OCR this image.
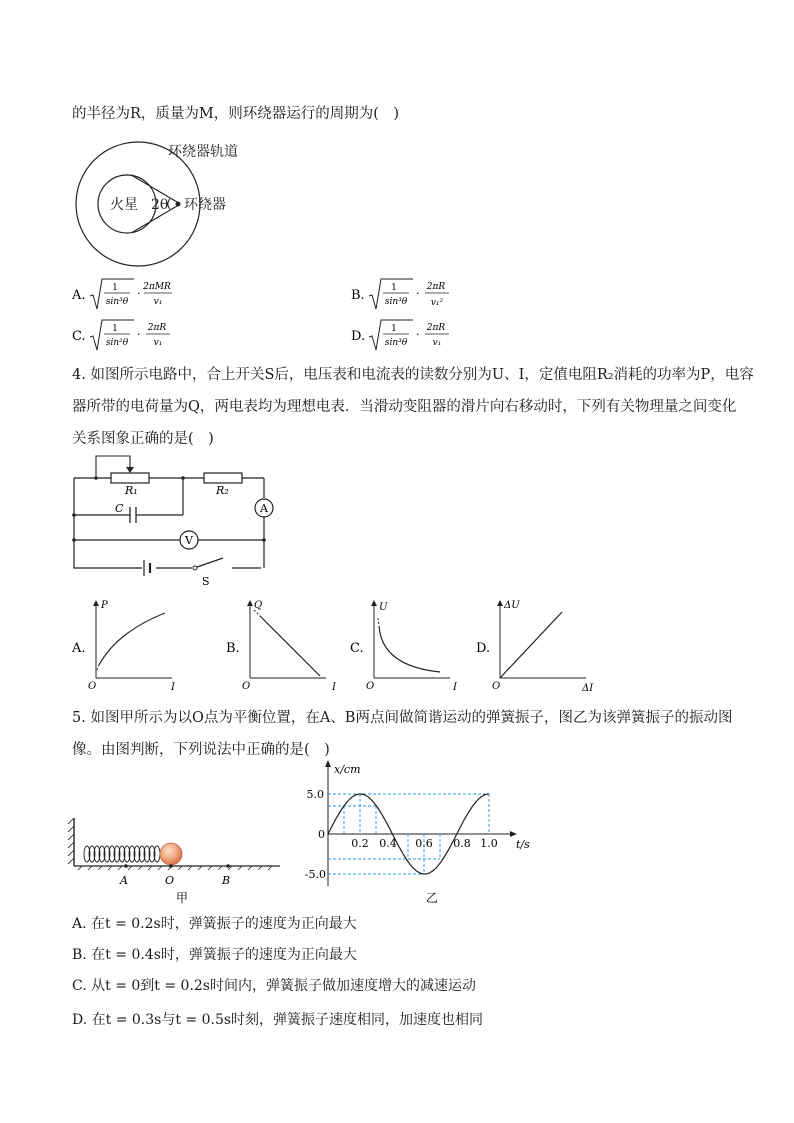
的半径为R，质量为M，则环绕器运行的周期为(　)
环绕器轨道
火星 2θ 环绕器
A.	1
sin³θ
· 2πMR
v₁	B.	1
sin³θ
· 2πR
v₁²
C.	1
sin²θ
· 2πR
v₁	D.	1
sin³θ
· 2πR
v₁
4. 如图所示电路中，合上开关S后，电压表和电流表的读数分别为U、I，定值电阻R₂消耗的功率为P，电容
器所带的电荷量为Q，两电表均为理想电表．当滑动变阻器的滑片向右移动时，下列有关物理量之间变化
关系图象正确的是(　)
R₁	R₂
C	A
V
S
A.
P
I
O
B.
Q
I
O
C.
U
I
O
D.
ΔU
ΔI
O
5. 如图甲所示为以O点为平衡位置，在A、B两点间做简谐运动的弹簧振子，图乙为该弹簧振子的振动图
像。由图判断，下列说法中正确的是(　)
A	O	B
甲
x/cm
t/s
0
5.0
-5.0
0.2 0.4 0.6 0.8 1.0
乙
A. 在t = 0.2s时，弹簧振子的速度为正向最大
B. 在t = 0.4s时，弹簧振子的速度为正向最大
C. 从t = 0到t = 0.2s时间内，弹簧振子做加速度增大的减速运动
D. 在t = 0.3s与t = 0.5s时刻，弹簧振子速度相同，加速度也相同
